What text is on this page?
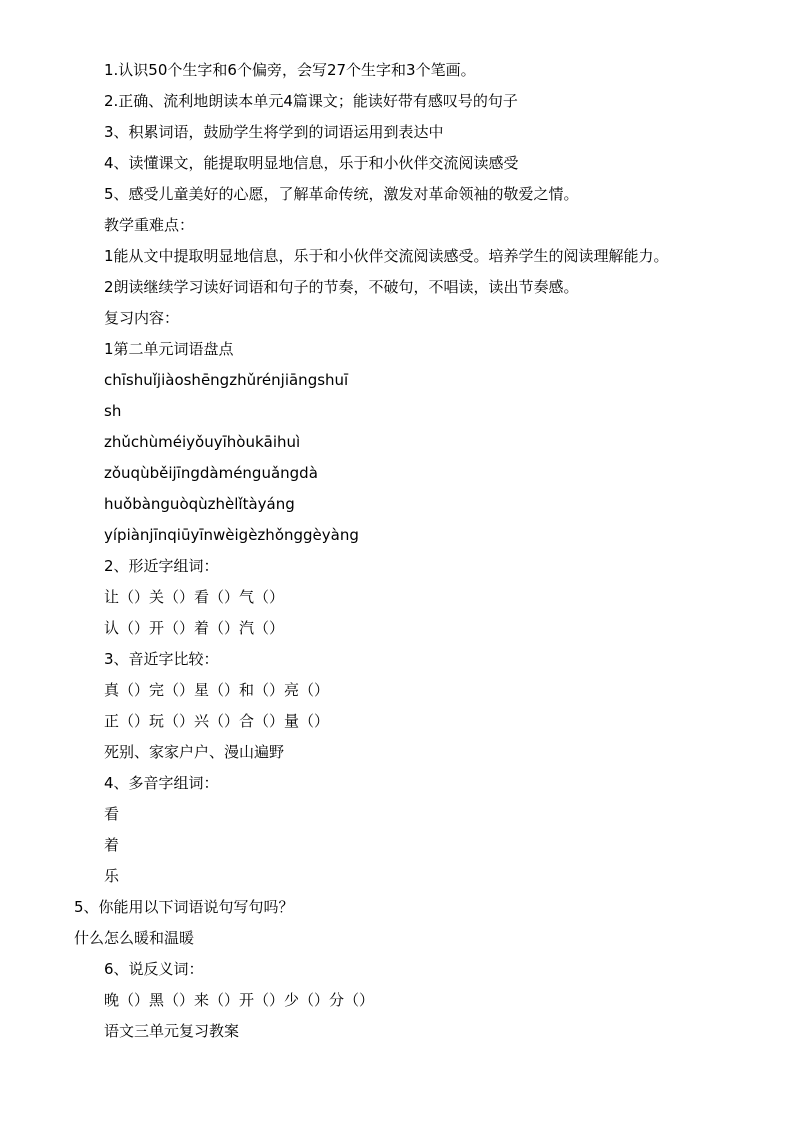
1.认识50个生字和6个偏旁，会写27个生字和3个笔画。
2.正确、流利地朗读本单元4篇课文；能读好带有感叹号的句子
3、积累词语，鼓励学生将学到的词语运用到表达中
4、读懂课文，能提取明显地信息，乐于和小伙伴交流阅读感受
5、感受儿童美好的心愿，了解革命传统，激发对革命领袖的敬爱之情。
教学重难点：
1能从文中提取明显地信息，乐于和小伙伴交流阅读感受。培养学生的阅读理解能力。
2朗读继续学习读好词语和句子的节奏，不破句，不唱读，读出节奏感。
复习内容：
1第二单元词语盘点
chīshuǐjiàoshēngzhǔrénjiāngshuī
sh
zhǔchùméiyǒuyīhòukāihuì
zǒuqùběijīngdàménguǎngdà
huǒbànguòqùzhèlǐtàyáng
yípiànjīnqiūyīnwèigèzhǒnggèyàng
2、形近字组词：
让（）关（）看（）气（）
认（）开（）着（）汽（）
3、音近字比较：
真（）完（）星（）和（）亮（）
正（）玩（）兴（）合（）量（）
死别、家家户户、漫山遍野
4、多音字组词：
看
着
乐
5、你能用以下词语说句写句吗？
什么怎么暖和温暖
6、说反义词：
晚（）黑（）来（）开（）少（）分（）
语文三单元复习教案
